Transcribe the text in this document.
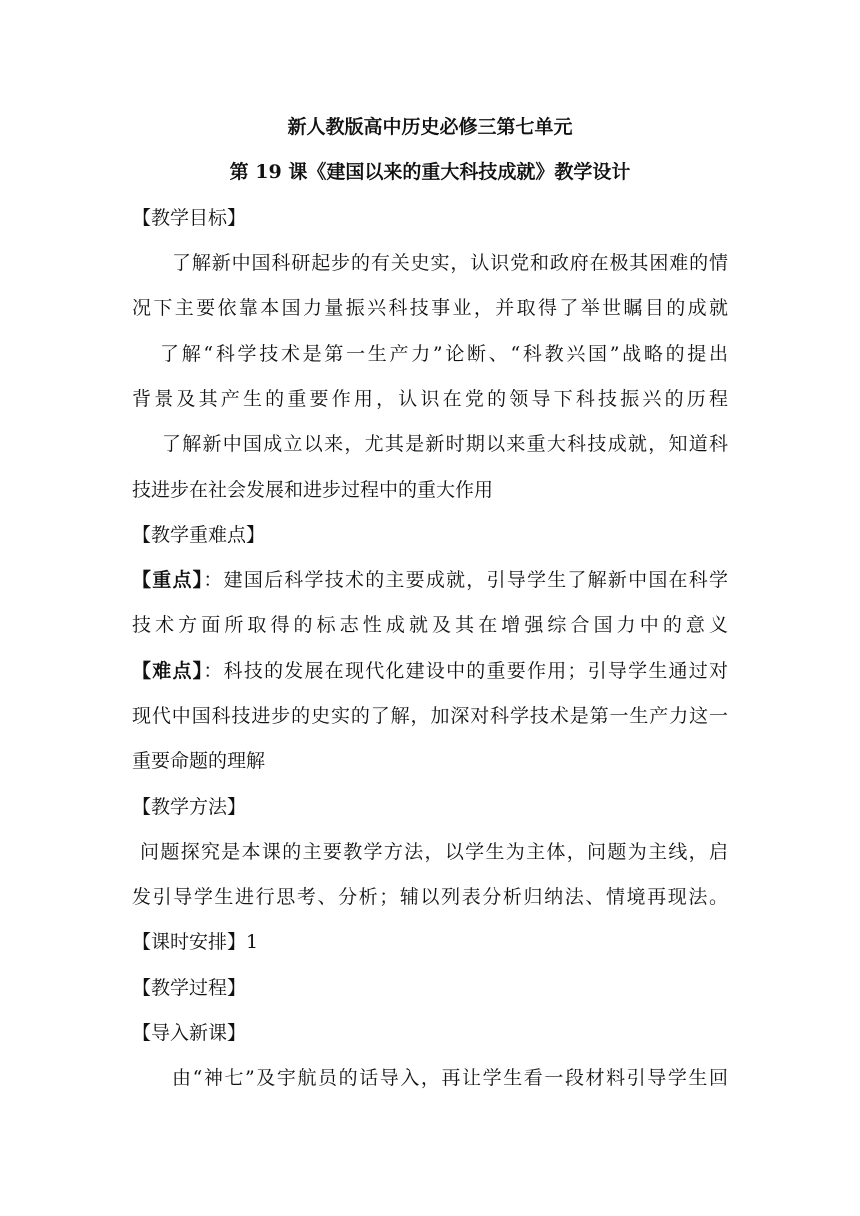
新人教版高中历史必修三第七单元
第 19 课《建国以来的重大科技成就》教学设计
【教学目标】
了解新中国科研起步的有关史实，认识党和政府在极其困难的情
况下主要依靠本国力量振兴科技事业，并取得了举世瞩目的成就
了解“科学技术是第一生产力”论断、“科教兴国”战略的提出
背景及其产生的重要作用，认识在党的领导下科技振兴的历程
了解新中国成立以来，尤其是新时期以来重大科技成就，知道科
技进步在社会发展和进步过程中的重大作用
【教学重难点】
【重点】：建国后科学技术的主要成就，引导学生了解新中国在科学
技术方面所取得的标志性成就及其在增强综合国力中的意义
【难点】：科技的发展在现代化建设中的重要作用；引导学生通过对
现代中国科技进步的史实的了解，加深对科学技术是第一生产力这一
重要命题的理解
【教学方法】
问题探究是本课的主要教学方法，以学生为主体，问题为主线，启
发引导学生进行思考、分析；辅以列表分析归纳法、情境再现法。
【课时安排】1
【教学过程】
【导入新课】
由“神七”及宇航员的话导入，再让学生看一段材料引导学生回
